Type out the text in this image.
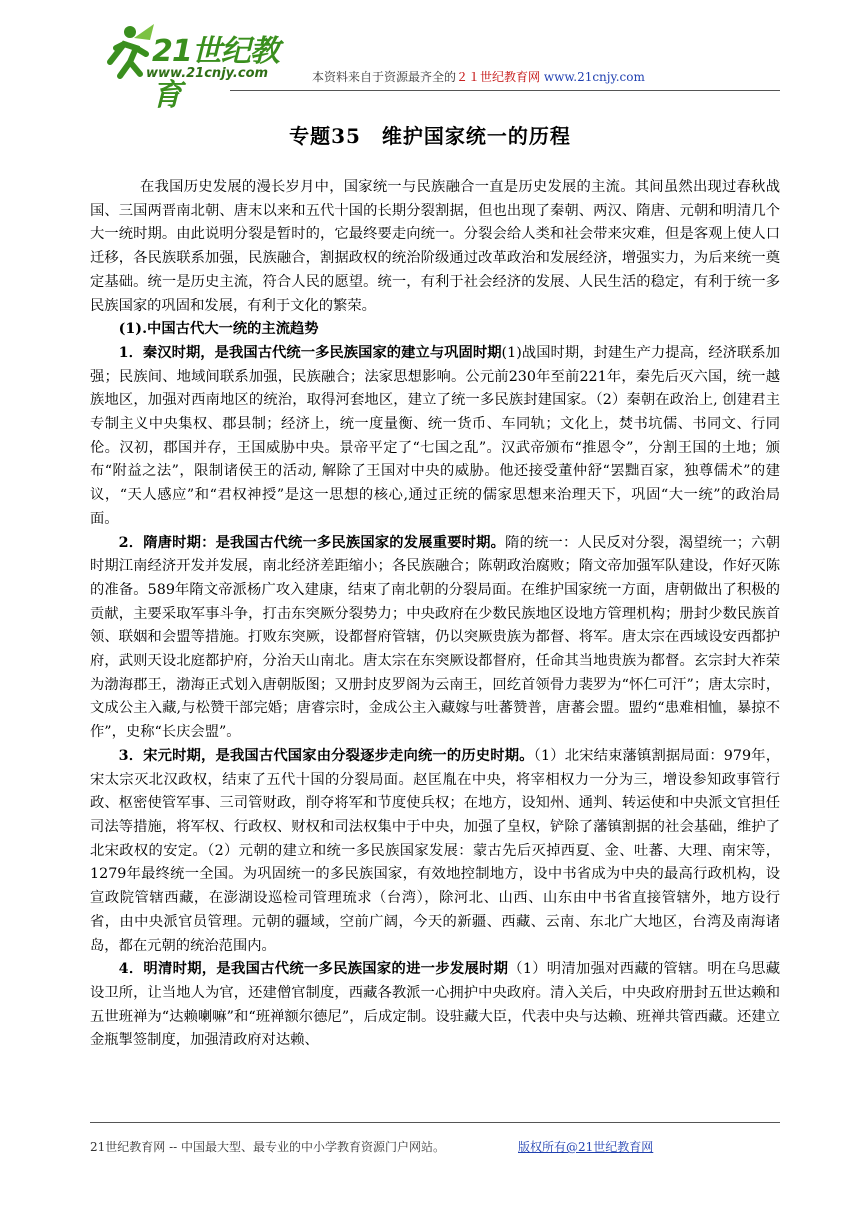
21世纪教育
www.21cnjy.com	本资料来自于资源最齐全的２１世纪教育网 www.21cnjy.com
专题35　维护国家统一的历程

在我国历史发展的漫长岁月中，国家统一与民族融合一直是历史发展的主流。其间虽然出现过春秋战国、三国两晋南北朝、唐末以来和五代十国的长期分裂割据，但也出现了秦朝、两汉、隋唐、元朝和明清几个大一统时期。由此说明分裂是暂时的，它最终要走向统一。分裂会给人类和社会带来灾难，但是客观上使人口迁移，各民族联系加强，民族融合，割据政权的统治阶级通过改革政治和发展经济，增强实力，为后来统一奠定基础。统一是历史主流，符合人民的愿望。统一，有利于社会经济的发展、人民生活的稳定，有利于统一多民族国家的巩固和发展，有利于文化的繁荣。

(1).中国古代大一统的主流趋势

1．秦汉时期，是我国古代统一多民族国家的建立与巩固时期(1)战国时期，封建生产力提高，经济联系加强；民族间、地域间联系加强，民族融合；法家思想影响。公元前230年至前221年，秦先后灭六国，统一越族地区，加强对西南地区的统治，取得河套地区，建立了统一多民族封建国家。（2）秦朝在政治上, 创建君主专制主义中央集权、郡县制；经济上，统一度量衡、统一货币、车同轨；文化上，焚书坑儒、书同文、行同伦。汉初，郡国并存，王国威胁中央。景帝平定了“七国之乱”。汉武帝颁布“推恩令”，分割王国的土地；颁布“附益之法”，限制诸侯王的活动, 解除了王国对中央的威胁。他还接受董仲舒“罢黜百家，独尊儒术”的建议，“天人感应”和“君权神授”是这一思想的核心,通过正统的儒家思想来治理天下，巩固“大一统”的政治局面。

2．隋唐时期：是我国古代统一多民族国家的发展重要时期。隋的统一：人民反对分裂，渴望统一；六朝时期江南经济开发并发展，南北经济差距缩小；各民族融合；陈朝政治腐败；隋文帝加强军队建设，作好灭陈的准备。589年隋文帝派杨广攻入建康，结束了南北朝的分裂局面。在维护国家统一方面，唐朝做出了积极的贡献，主要采取军事斗争，打击东突厥分裂势力；中央政府在少数民族地区设地方管理机构；册封少数民族首领、联姻和会盟等措施。打败东突厥，设都督府管辖，仍以突厥贵族为都督、将军。唐太宗在西域设安西都护府，武则天设北庭都护府，分治天山南北。唐太宗在东突厥设都督府，任命其当地贵族为都督。玄宗封大祚荣为渤海郡王，渤海正式划入唐朝版图；又册封皮罗阁为云南王，回纥首领骨力裴罗为“怀仁可汗”；唐太宗时，文成公主入藏,与松赞干部完婚；唐睿宗时，金成公主入藏嫁与吐蕃赞普，唐蕃会盟。盟约“患难相恤，暴掠不作”，史称“长庆会盟”。

3．宋元时期，是我国古代国家由分裂逐步走向统一的历史时期。（1）北宋结束藩镇割据局面：979年，宋太宗灭北汉政权，结束了五代十国的分裂局面。赵匡胤在中央，将宰相权力一分为三，增设参知政事管行政、枢密使管军事、三司管财政，削夺将军和节度使兵权；在地方，设知州、通判、转运使和中央派文官担任司法等措施，将军权、行政权、财权和司法权集中于中央，加强了皇权，铲除了藩镇割据的社会基础，维护了北宋政权的安定。（2）元朝的建立和统一多民族国家发展：蒙古先后灭掉西夏、金、吐蕃、大理、南宋等，1279年最终统一全国。为巩固统一的多民族国家，有效地控制地方，设中书省成为中央的最高行政机构，设宣政院管辖西藏，在澎湖设巡检司管理琉求（台湾），除河北、山西、山东由中书省直接管辖外，地方设行省，由中央派官员管理。元朝的疆域，空前广阔，今天的新疆、西藏、云南、东北广大地区，台湾及南海诸岛，都在元朝的统治范围内。

4．明清时期，是我国古代统一多民族国家的进一步发展时期（1）明清加强对西藏的管辖。明在乌思藏设卫所，让当地人为官，还建僧官制度，西藏各教派一心拥护中央政府。清入关后，中央政府册封五世达赖和五世班禅为“达赖喇嘛”和“班禅额尔德尼”，后成定制。设驻藏大臣，代表中央与达赖、班禅共管西藏。还建立金瓶掣签制度，加强清政府对达赖、

21世纪教育网 -- 中国最大型、最专业的中小学教育资源门户网站。	版权所有@21世纪教育网
